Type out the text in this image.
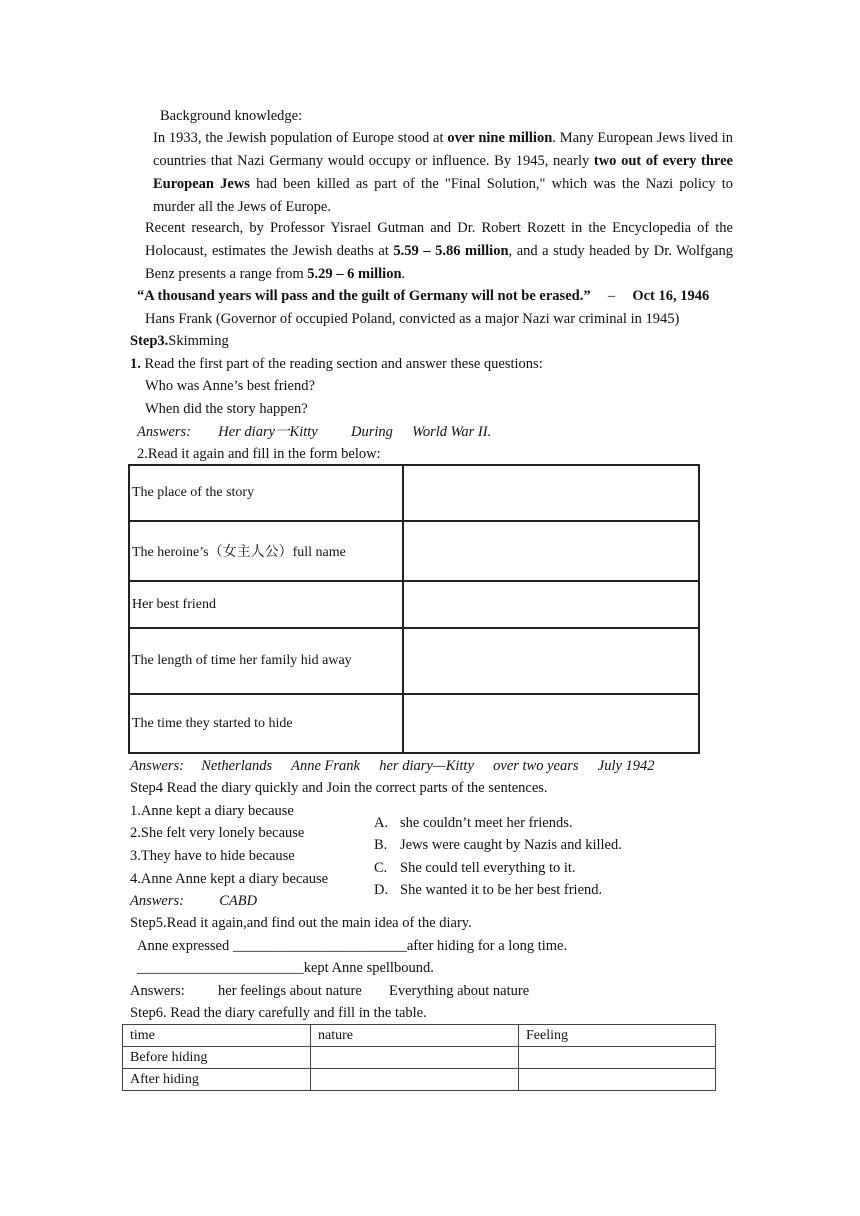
Background knowledge:
In 1933, the Jewish population of Europe stood at over nine million. Many European Jews lived in countries that Nazi Germany would occupy or influence. By 1945, nearly two out of every three European Jews had been killed as part of the "Final Solution," which was the Nazi policy to murder all the Jews of Europe.
Recent research, by Professor Yisrael Gutman and Dr. Robert Rozett in the Encyclopedia of the Holocaust, estimates the Jewish deaths at 5.59 – 5.86 million, and a study headed by Dr. Wolfgang Benz presents a range from 5.29 – 6 million.
“A thousand years will pass and the guilt of Germany will not be erased.” – Oct 16, 1946
Hans Frank (Governor of occupied Poland, convicted as a major Nazi war criminal in 1945)
Step3.Skimming
1. Read the first part of the reading section and answer these questions:
Who was Anne’s best friend?
When did the story happen?
Answers: Her diary一Kitty During World War II.
2.Read it again and fill in the form below:
The place of the story	
The heroine’s（女主人公）full name	
Her best friend	
The length of time her family hid away	
The time they started to hide	
Answers: Netherlands Anne Frank her diary—Kitty over two years July 1942
Step4 Read the diary quickly and Join the correct parts of the sentences.
1.Anne kept a diary because
2.She felt very lonely because
3.They have to hide because
4.Anne Anne kept a diary because
A. she couldn’t meet her friends.
B. Jews were caught by Nazis and killed.
C. She could tell everything to it.
D. She wanted it to be her best friend.
Answers: CABD
Step5.Read it again,and find out the main idea of the diary.
Anne expressed ________________________after hiding for a long time.
_______________________kept Anne spellbound.
Answers: her feelings about nature Everything about nature
Step6. Read the diary carefully and fill in the table.
time	nature	Feeling
Before hiding		
After hiding		
